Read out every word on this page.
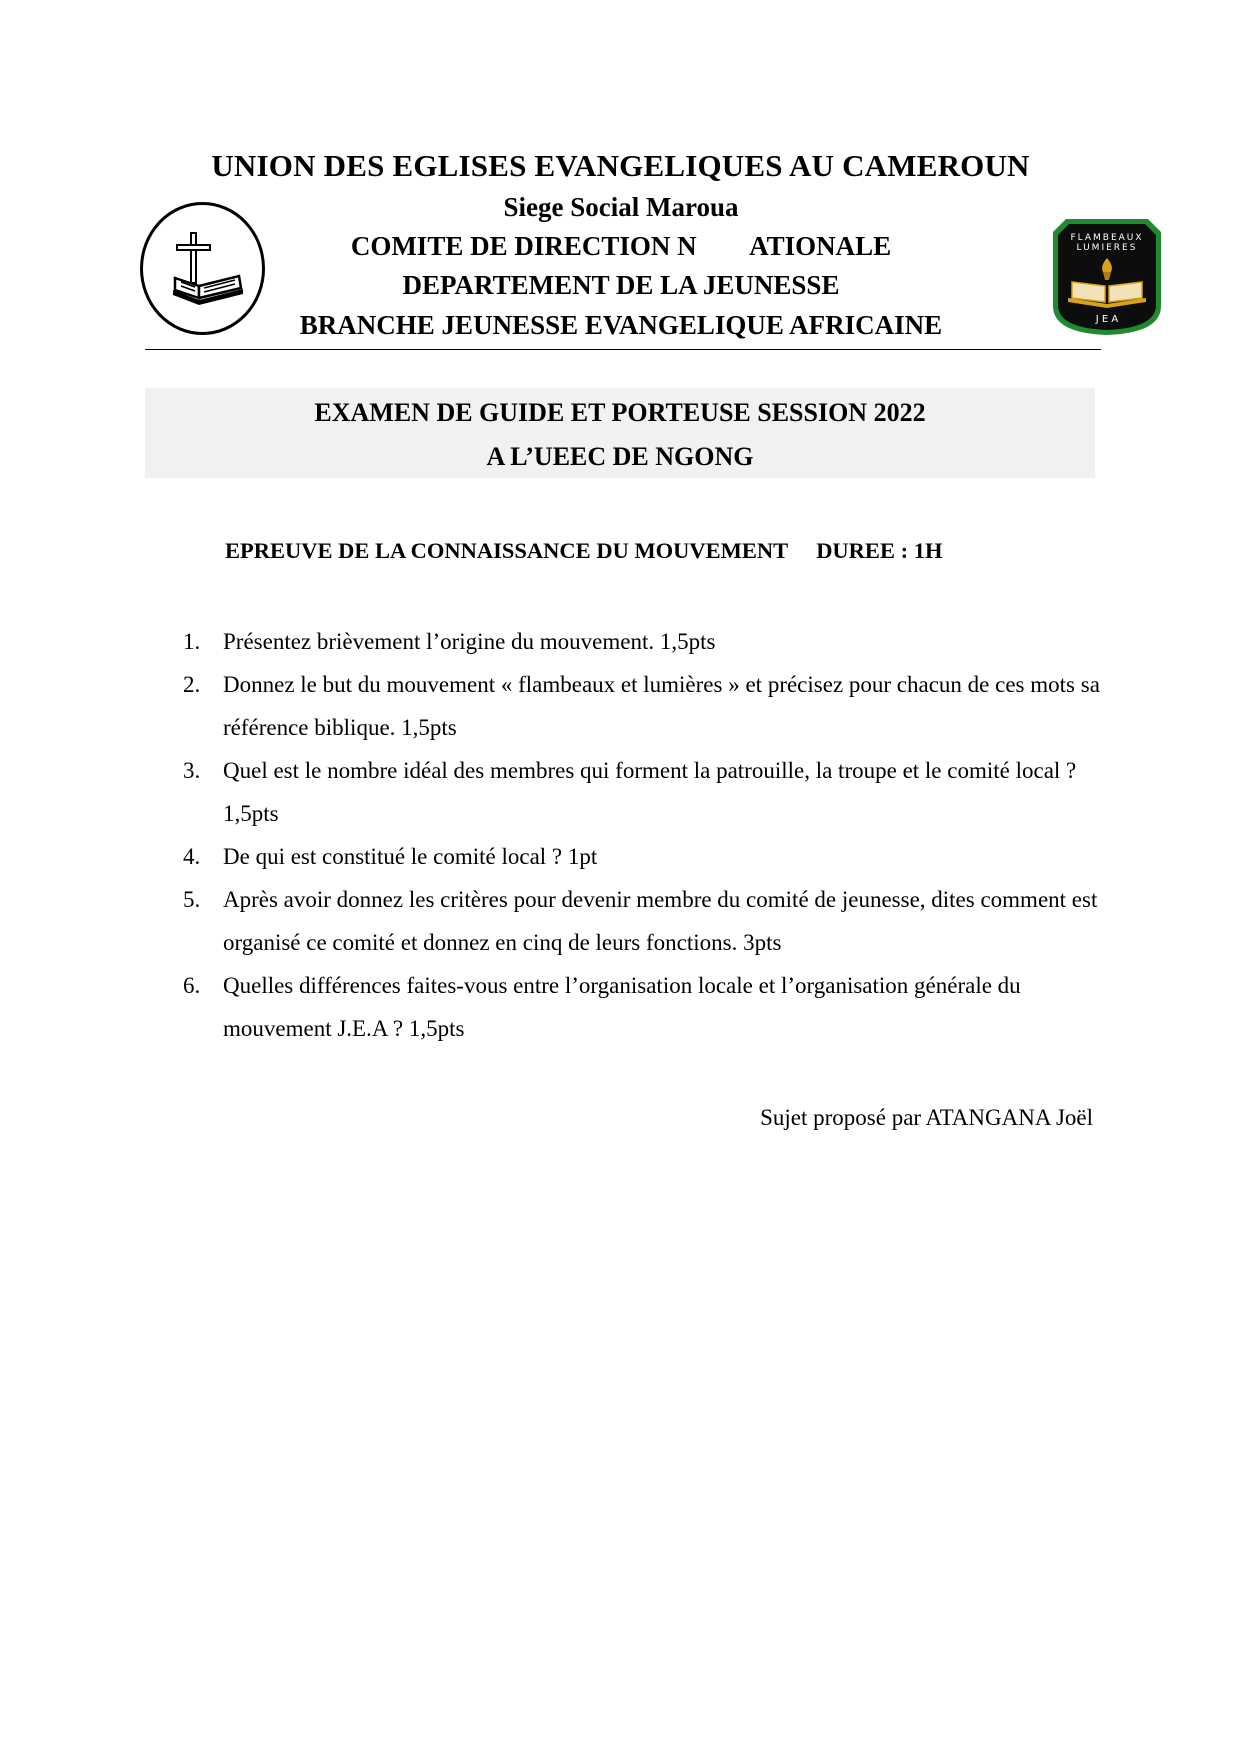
UNION DES EGLISES EVANGELIQUES AU CAMEROUN
Siege Social Maroua
COMITE DE DIRECTION N        ATIONALE
DEPARTEMENT DE LA JEUNESSE
BRANCHE JEUNESSE EVANGELIQUE AFRICAINE
FLAMBEAUX
LUMIERES
J E A
EXAMEN DE GUIDE ET PORTEUSE SESSION 2022
A L’UEEC DE NGONG
EPREUVE DE LA CONNAISSANCE DU MOUVEMENT DUREE : 1H
1. Présentez brièvement l’origine du mouvement. 1,5pts
2. Donnez le but du mouvement « flambeaux et lumières » et précisez pour chacun de ces mots sa référence biblique. 1,5pts
3. Quel est le nombre idéal des membres qui forment la patrouille, la troupe et le comité local ? 1,5pts
4. De qui est constitué le comité local ? 1pt
5. Après avoir donnez les critères pour devenir membre du comité de jeunesse, dites comment est organisé ce comité et donnez en cinq de leurs fonctions. 3pts
6. Quelles différences faites-vous entre l’organisation locale et l’organisation générale du mouvement J.E.A ? 1,5pts
Sujet proposé par ATANGANA Joël
